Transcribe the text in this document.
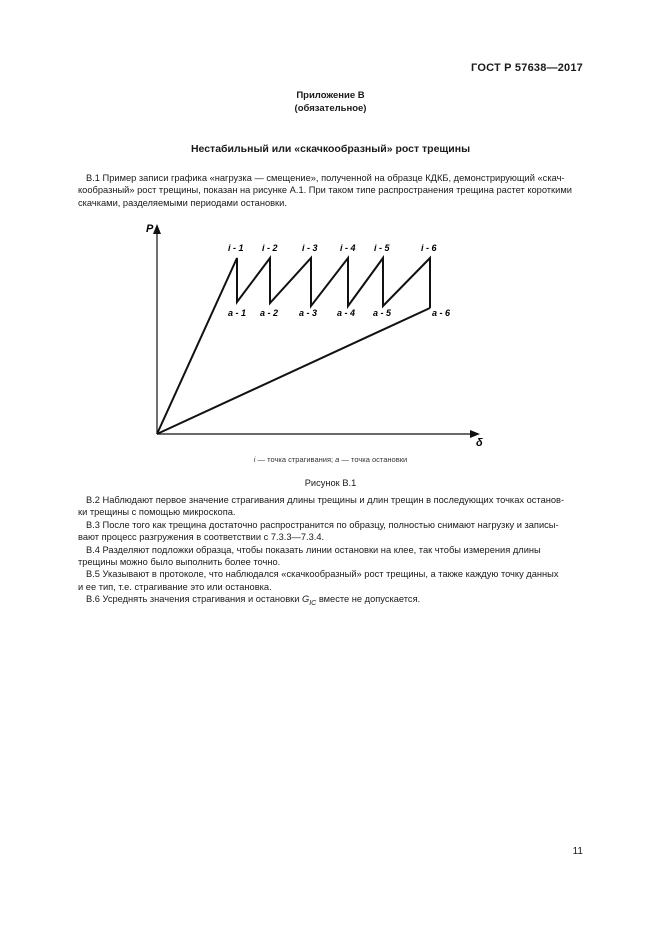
ГОСТ Р 57638—2017
Приложение В
(обязательное)
Нестабильный или «скачкообразный» рост трещины
В.1 Пример записи графика «нагрузка — смещение», полученной на образце КДКБ, демонстрирующий «скач-
кообразный» рост трещины, показан на рисунке А.1. При таком типе распространения трещина растет короткими
скачками, разделяемыми периодами остановки.
P
δ
i - 1 i - 2	i - 3 i - 4 i - 5	i - 6
a - 1 a - 2 a - 3 a - 4 a - 5	a - 6
i — точка страгивания; a — точка остановки
Рисунок В.1
В.2 Наблюдают первое значение страгивания длины трещины и длин трещин в последующих точках останов-
ки трещины с помощью микроскопа.
В.3 После того как трещина достаточно распространится по образцу, полностью снимают нагрузку и записы-
вают процесс разгружения в соответствии с 7.3.3—7.3.4.
В.4 Разделяют подложки образца, чтобы показать линии остановки на клее, так чтобы измерения длины
трещины можно было выполнить более точно.
В.5 Указывают в протоколе, что наблюдался «скачкообразный» рост трещины, а также каждую точку данных
и ее тип, т.е. страгивание это или остановка.
В.6 Усреднять значения страгивания и остановки $G_{IC}$ вместе не допускается.
11
